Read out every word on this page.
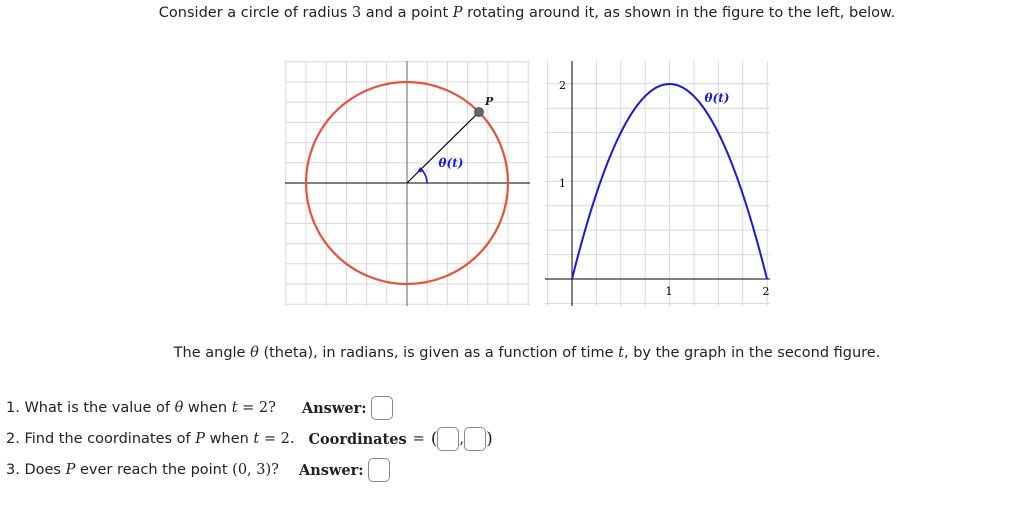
Consider a circle of radius 3 and a point P rotating around it, as shown in the figure to the left, below.
θ(t)
P
2
1
1	2
θ(t)
The angle θ (theta), in radians, is given as a function of time t, by the graph in the second figure.
1.
What is the value of
θ
when
t
= 2? Answer:
2.
Find the coordinates of
P
when
t
= 2. Coordinates = ( , )
3.
Does
P
ever reach the point
(0, 3)? Answer:
